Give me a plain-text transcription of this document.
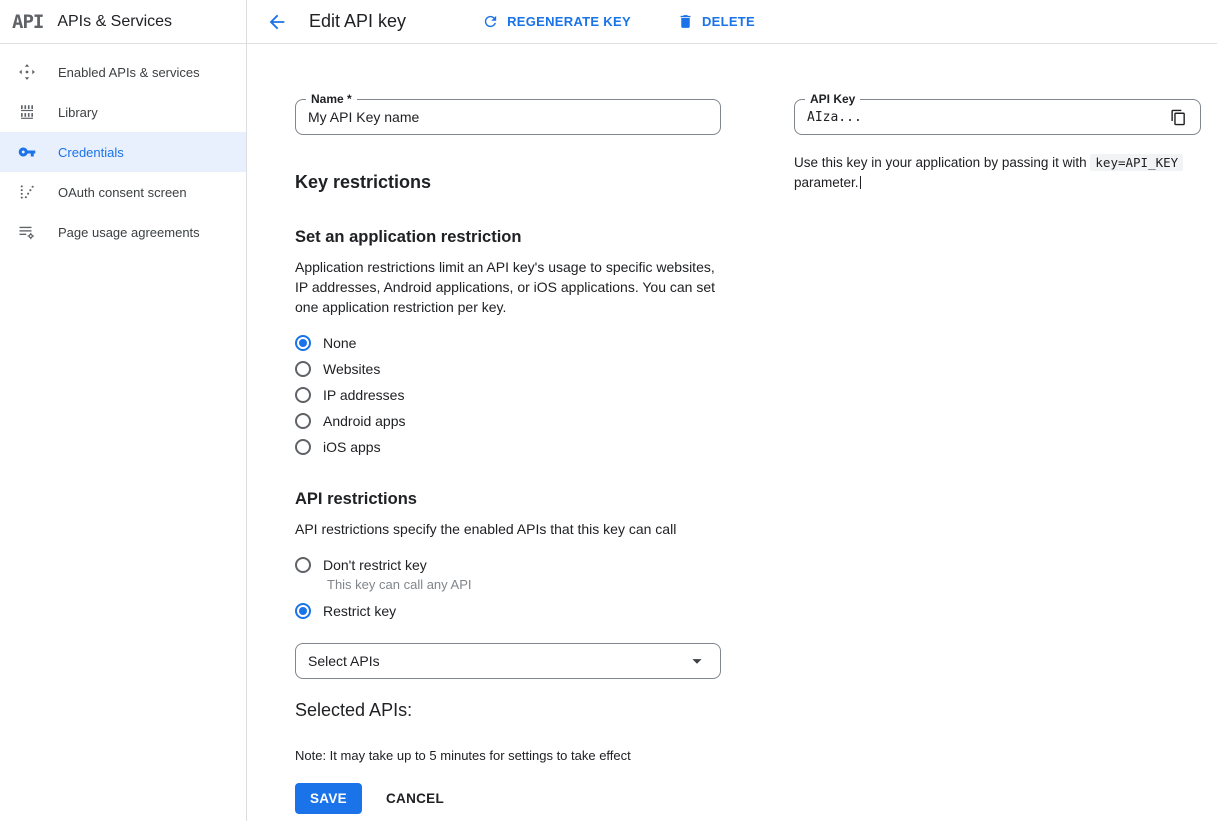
API APIs & Services
Enabled APIs & services
Library
Credentials
OAuth consent screen
Page usage agreements
Edit API key	REGENERATE KEY	DELETE
Name *
My API Key name
Key restrictions
Set an application restriction
Application restrictions limit an API key's usage to specific websites, IP addresses, Android applications, or iOS applications. You can set one application restriction per key.
None
Websites
IP addresses
Android apps
iOS apps
API restrictions
API restrictions specify the enabled APIs that this key can call
Don't restrict key
This key can call any API
Restrict key
Select APIs
Selected APIs:
Note: It may take up to 5 minutes for settings to take effect
SAVE	CANCEL
API Key
AIza...
Use this key in your application by passing it with key=API_KEY parameter.
